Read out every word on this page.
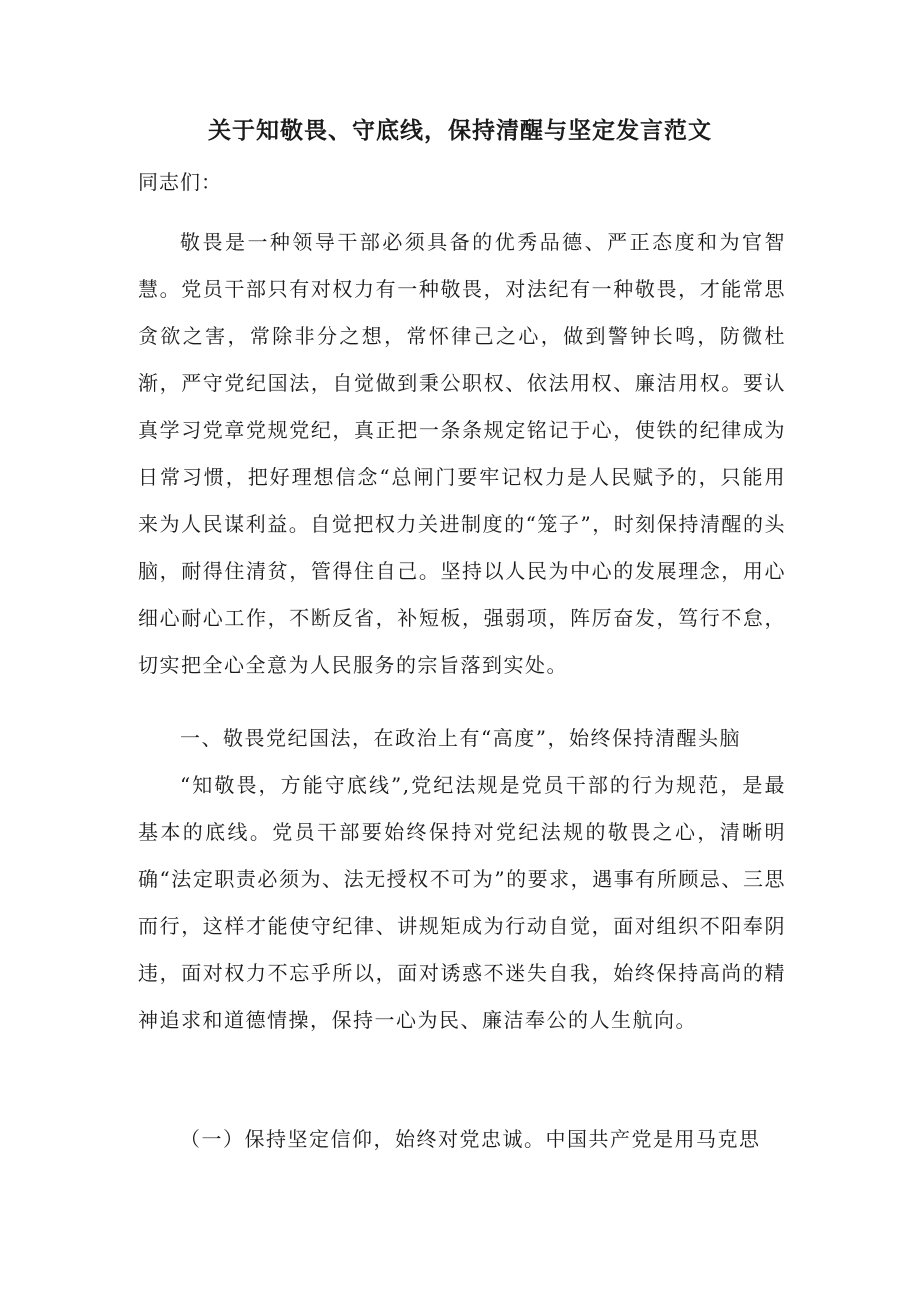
关于知敬畏、守底线，保持清醒与坚定发言范文

同志们：

敬畏是一种领导干部必须具备的优秀品德、严正态度和为官智慧。党员干部只有对权力有一种敬畏，对法纪有一种敬畏，才能常思贪欲之害，常除非分之想，常怀律己之心，做到警钟长鸣，防微杜渐，严守党纪国法，自觉做到秉公职权、依法用权、廉洁用权。要认真学习党章党规党纪，真正把一条条规定铭记于心，使铁的纪律成为日常习惯，把好理想信念“总闸门要牢记权力是人民赋予的，只能用来为人民谋利益。自觉把权力关进制度的“笼子”，时刻保持清醒的头脑，耐得住清贫，管得住自己。坚持以人民为中心的发展理念，用心细心耐心工作，不断反省，补短板，强弱项，阵厉奋发，笃行不怠，切实把全心全意为人民服务的宗旨落到实处。

一、敬畏党纪国法，在政治上有“高度”，始终保持清醒头脑

“知敬畏，方能守底线”,党纪法规是党员干部的行为规范，是最基本的底线。党员干部要始终保持对党纪法规的敬畏之心，清晰明确“法定职责必须为、法无授权不可为”的要求，遇事有所顾忌、三思而行，这样才能使守纪律、讲规矩成为行动自觉，面对组织不阳奉阴违，面对权力不忘乎所以，面对诱惑不迷失自我，始终保持高尚的精神追求和道德情操，保持一心为民、廉洁奉公的人生航向。

（一）保持坚定信仰，始终对党忠诚。中国共产党是用马克思
